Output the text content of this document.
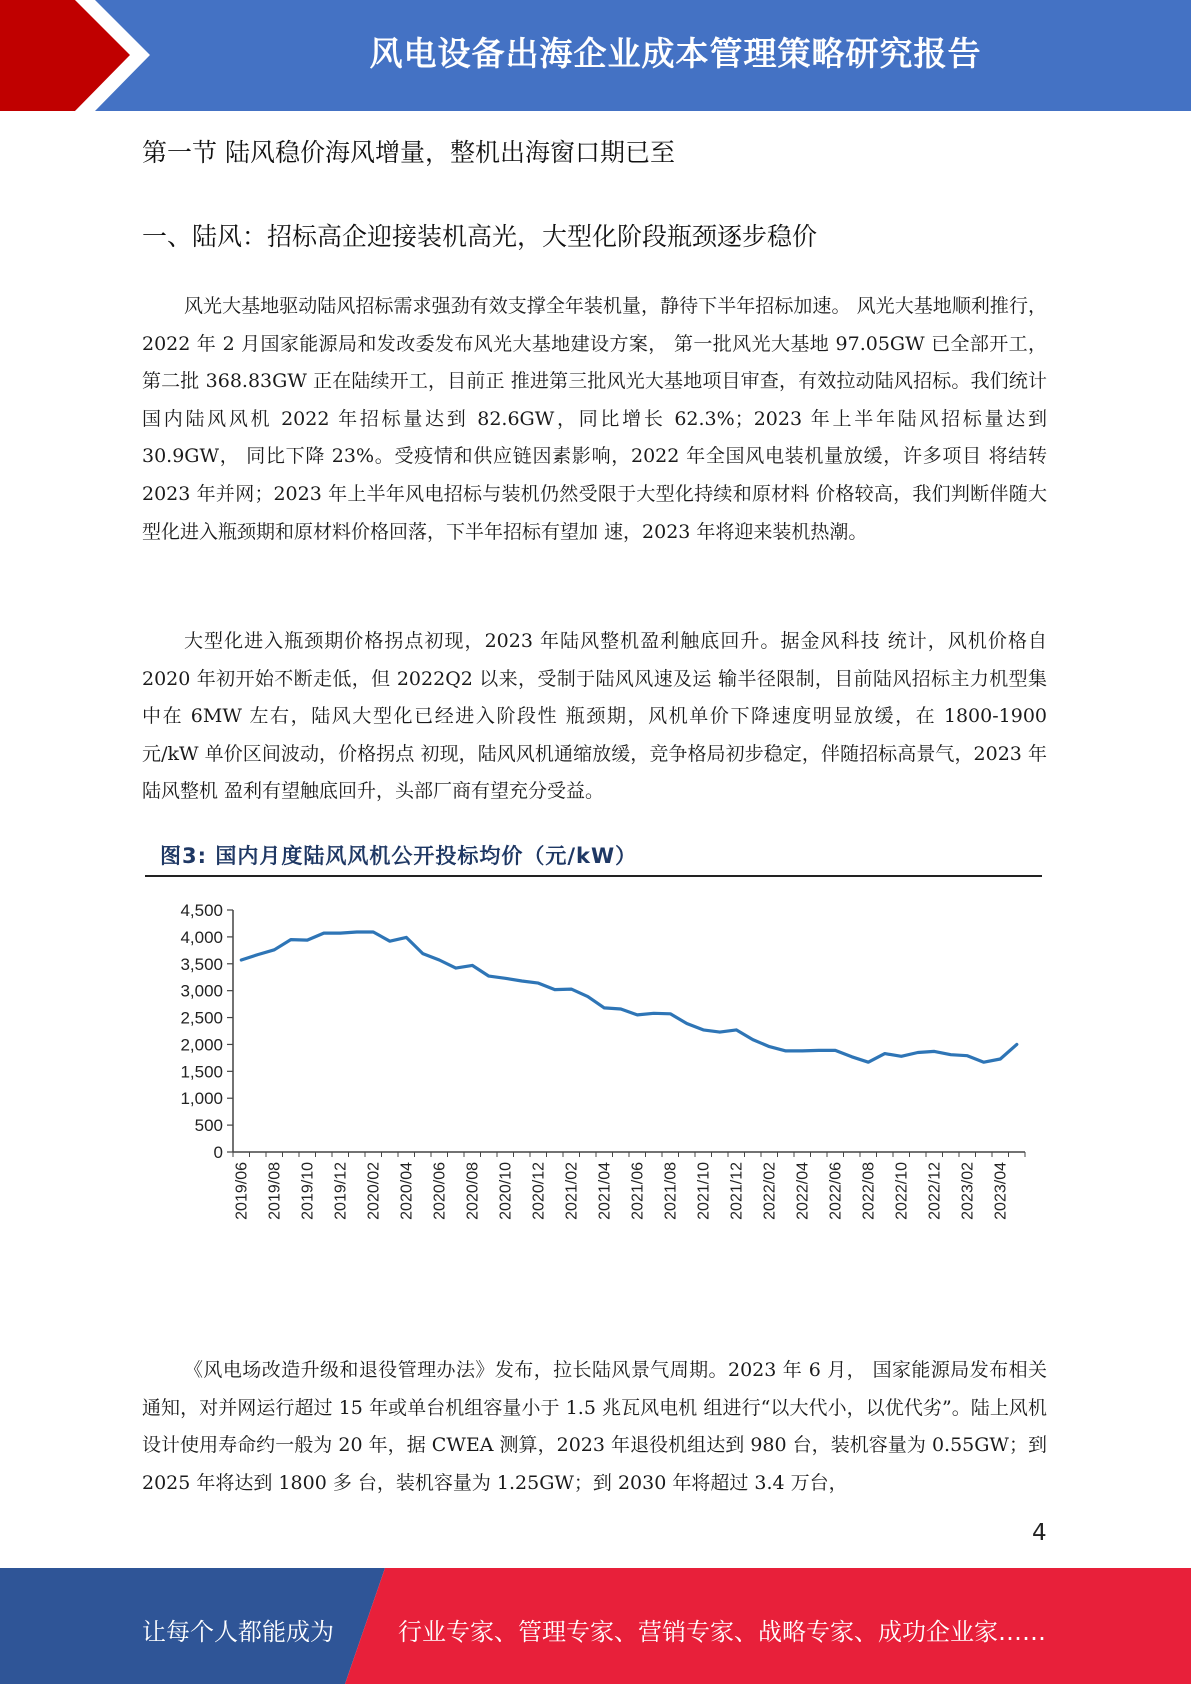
风电设备出海企业成本管理策略研究报告
第一节 陆风稳价海风增量，整机出海窗口期已至
一、陆风：招标高企迎接装机高光，大型化阶段瓶颈逐步稳价

风光大基地驱动陆风招标需求强劲有效支撑全年装机量，静待下半年招标加速。 风光大基地顺利推行，2022 年 2 月国家能源局和发改委发布风光大基地建设方案， 第一批风光大基地 97.05GW 已全部开工，第二批 368.83GW 正在陆续开工，目前正 推进第三批风光大基地项目审查，有效拉动陆风招标。我们统计国内陆风风机 2022 年招标量达到 82.6GW，同比增长 62.3%；2023 年上半年陆风招标量达到 30.9GW， 同比下降 23%。受疫情和供应链因素影响，2022 年全国风电装机量放缓，许多项目 将结转 2023 年并网；2023 年上半年风电招标与装机仍然受限于大型化持续和原材料 价格较高，我们判断伴随大型化进入瓶颈期和原材料价格回落，下半年招标有望加 速，2023 年将迎来装机热潮。

大型化进入瓶颈期价格拐点初现，2023 年陆风整机盈利触底回升。据金风科技 统计，风机价格自 2020 年初开始不断走低，但 2022Q2 以来，受制于陆风风速及运 输半径限制，目前陆风招标主力机型集中在 6MW 左右，陆风大型化已经进入阶段性 瓶颈期，风机单价下降速度明显放缓，在 1800-1900 元/kW 单价区间波动，价格拐点 初现，陆风风机通缩放缓，竞争格局初步稳定，伴随招标高景气，2023 年陆风整机 盈利有望触底回升，头部厂商有望充分受益。

图3: 国内月度陆风风机公开投标均价（元/kW）
0
500
1,000
1,500
2,000
2,500
3,000
3,500
4,000
4,500
2019/06 2019/08 2019/10 2019/12 2020/02 2020/04 2020/06 2020/08 2020/10 2020/12 2021/02 2021/04 2021/06 2021/08 2021/10 2021/12 2022/02 2022/04 2022/06 2022/08 2022/10 2022/12 2023/02 2023/04

《风电场改造升级和退役管理办法》发布，拉长陆风景气周期。2023 年 6 月， 国家能源局发布相关通知，对并网运行超过 15 年或单台机组容量小于 1.5 兆瓦风电机 组进行“以大代小，以优代劣”。陆上风机设计使用寿命约一般为 20 年，据 CWEA 测算，2023 年退役机组达到 980 台，装机容量为 0.55GW；到 2025 年将达到 1800 多 台，装机容量为 1.25GW；到 2030 年将超过 3.4 万台，

4
让每个人都能成为	行业专家、管理专家、营销专家、战略专家、成功企业家……
